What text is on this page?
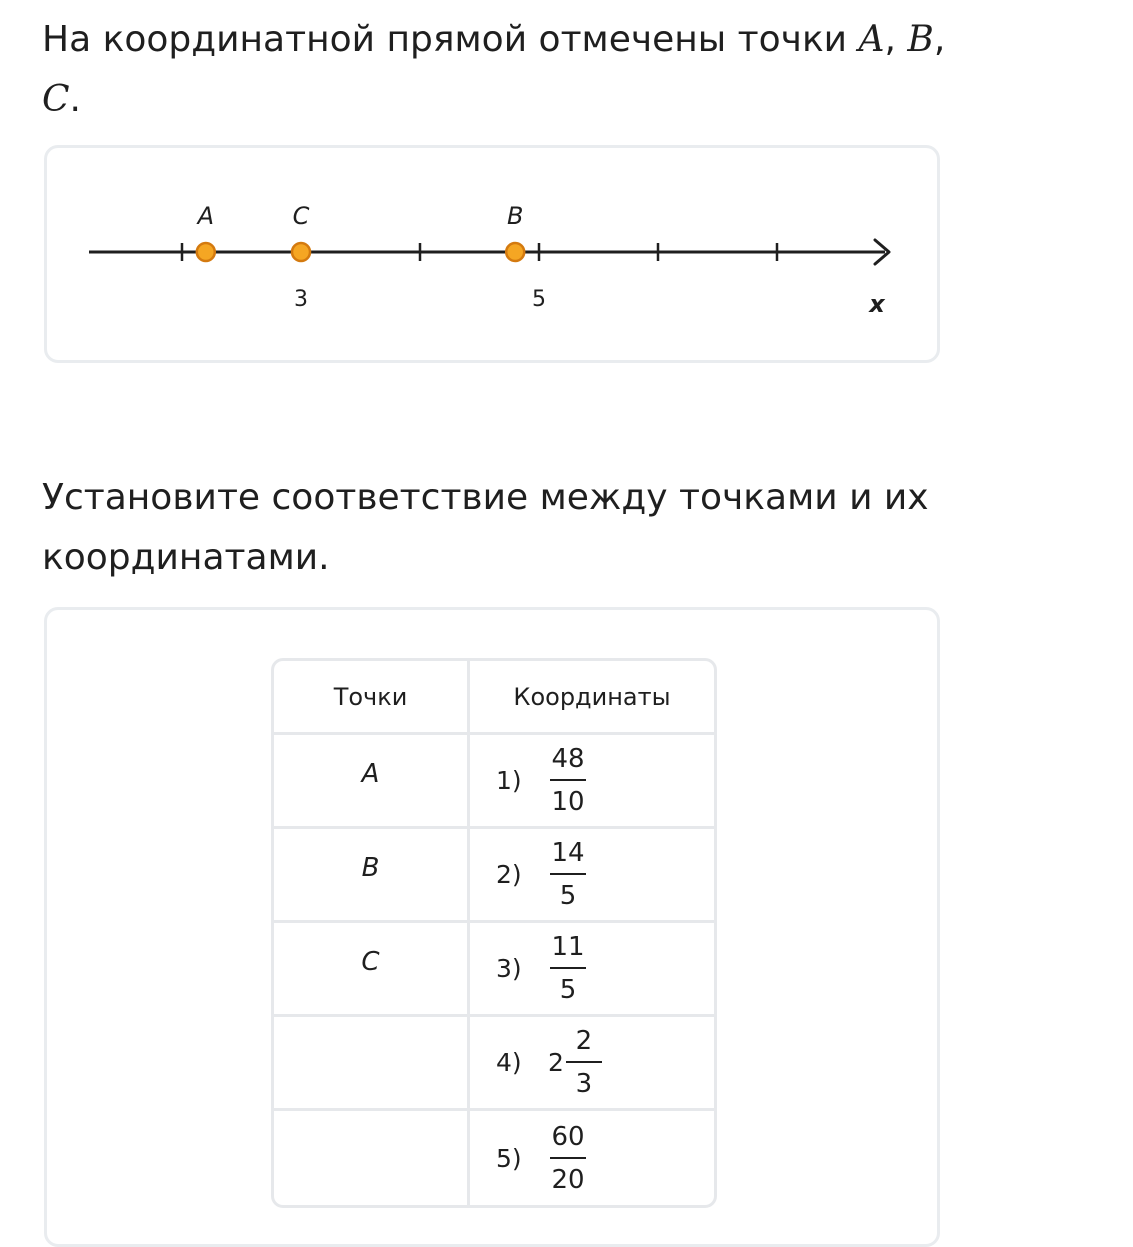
На координатной прямой отмечены точки A, B,
C.

3	5
A	C	B
x

Установите соответствие между точками и их координатами.

Точки	Координаты
A	$1) \frac{48}{10}$

B	$2) \frac{14}{5}$

C	$3) \frac{11}{5}$

	4) $2 \frac{2}{3}$

	$5) \frac{60}{20}$
